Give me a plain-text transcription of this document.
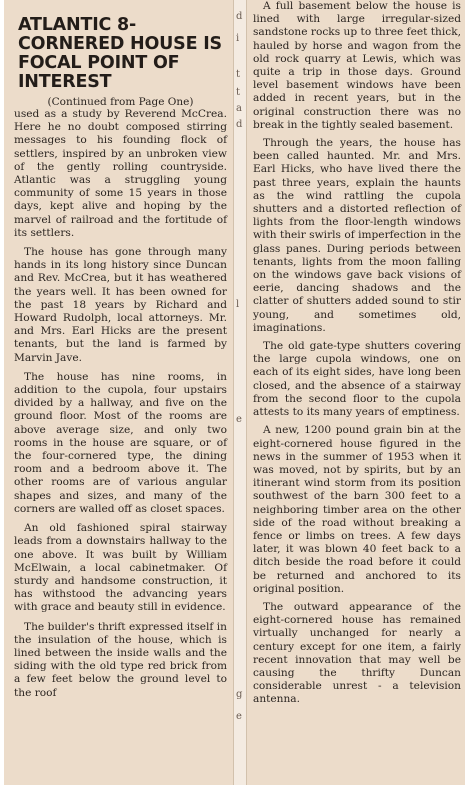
ATLANTIC 8-CORNERED HOUSE IS FOCAL POINT OF INTEREST
(Continued from Page One)

used as a study by Reverend McCrea. Here he no doubt composed stirring messages to his founding flock of settlers, inspired by an unbroken view of the gently rolling countryside. Atlantic was a struggling young community of some 15 years in those days, kept alive and hoping by the marvel of railroad and the fortitude of its settlers.

The house has gone through many hands in its long history since Duncan and Rev. McCrea, but it has weathered the years well. It has been owned for the past 18 years by Richard and Howard Rudolph, local attorneys. Mr. and Mrs. Earl Hicks are the present tenants, but the land is farmed by Marvin Jave.

The house has nine rooms, in addition to the cupola, four upstairs divided by a hallway, and five on the ground floor. Most of the rooms are above average size, and only two rooms in the house are square, or of the four-cornered type, the dining room and a bedroom above it. The other rooms are of various angular shapes and sizes, and many of the corners are walled off as closet spaces.

An old fashioned spiral stairway leads from a downstairs hallway to the one above. It was built by William McElwain, a local cabinetmaker. Of sturdy and handsome construction, it has withstood the advancing years with grace and beauty still in evidence.

The builder's thrift expressed itself in the insulation of the house, which is lined between the inside walls and the siding with the old type red brick from a few feet below the ground level to the roof

d
i
t
t
a
d
l
e
g
e

A full basement below the house is lined with large irregular-sized sandstone rocks up to three feet thick, hauled by horse and wagon from the old rock quarry at Lewis, which was quite a trip in those days. Ground level basement windows have been added in recent years, but in the original construction there was no break in the tightly sealed basement.

Through the years, the house has been called haunted. Mr. and Mrs. Earl Hicks, who have lived there the past three years, explain the haunts as the wind rattling the cupola shutters and a distorted reflection of lights from the floor-length windows with their swirls of imperfection in the glass panes. During periods between tenants, lights from the moon falling on the windows gave back visions of eerie, dancing shadows and the clatter of shutters added sound to stir young, and sometimes old, imaginations.

The old gate-type shutters covering the large cupola windows, one on each of its eight sides, have long been closed, and the absence of a stairway from the second floor to the cupola attests to its many years of emptiness.

A new, 1200 pound grain bin at the eight-cornered house figured in the news in the summer of 1953 when it was moved, not by spirits, but by an itinerant wind storm from its position southwest of the barn 300 feet to a neighboring timber area on the other side of the road without breaking a fence or limbs on trees. A few days later, it was blown 40 feet back to a ditch beside the road before it could be returned and anchored to its original position.

The outward appearance of the eight-cornered house has remained virtually unchanged for nearly a century except for one item, a fairly recent innovation that may well be causing the thrifty Duncan considerable unrest - a television antenna.
